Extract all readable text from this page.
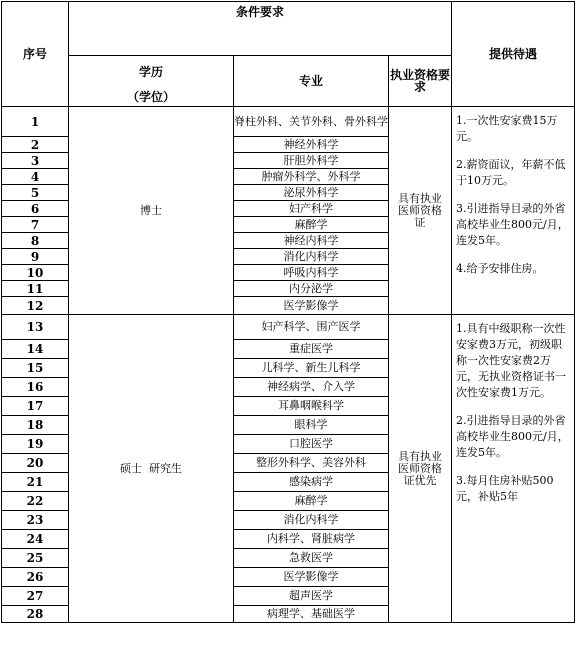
序号	条件要求			提供待遇
	学历	专业	执业资格要求	
	（学位）			
1	博士	脊柱外科、关节外科、骨外科学	具有执业医师资格证	1.一次性安家费15万元。

2.薪资面议，年薪不低于10万元。

3.引进指导目录的外省高校毕业生800元/月，连发5年。

4.给予安排住房。

2		神经外科学		
3		肝胆外科学		
4		肿瘤外科学、外科学		
5		泌尿外科学		
6		妇产科学		
7		麻醉学		
8		神经内科学		
9		消化内科学		
10		呼吸内科学		
11		内分泌学		
12		医学影像学		
13	硕士  研究生	妇产科学、围产医学	具有执业医师资格证优先	1.具有中级职称一次性安家费3万元，初级职称一次性安家费2万元，无执业资格证书一次性安家费1万元。

2.引进指导目录的外省高校毕业生800元/月，连发5年。

3.每月住房补贴500元，补贴5年

14		重症医学		
15		儿科学、新生儿科学		
16		神经病学、介入学		
17		耳鼻咽喉科学		
18		眼科学		
19		口腔医学		
20		整形外科学、美容外科		
21		感染病学		
22		麻醉学		
23		消化内科学		
24		内科学、肾脏病学		
25		急救医学		
26		医学影像学		
27		超声医学		
28		病理学、基础医学		
